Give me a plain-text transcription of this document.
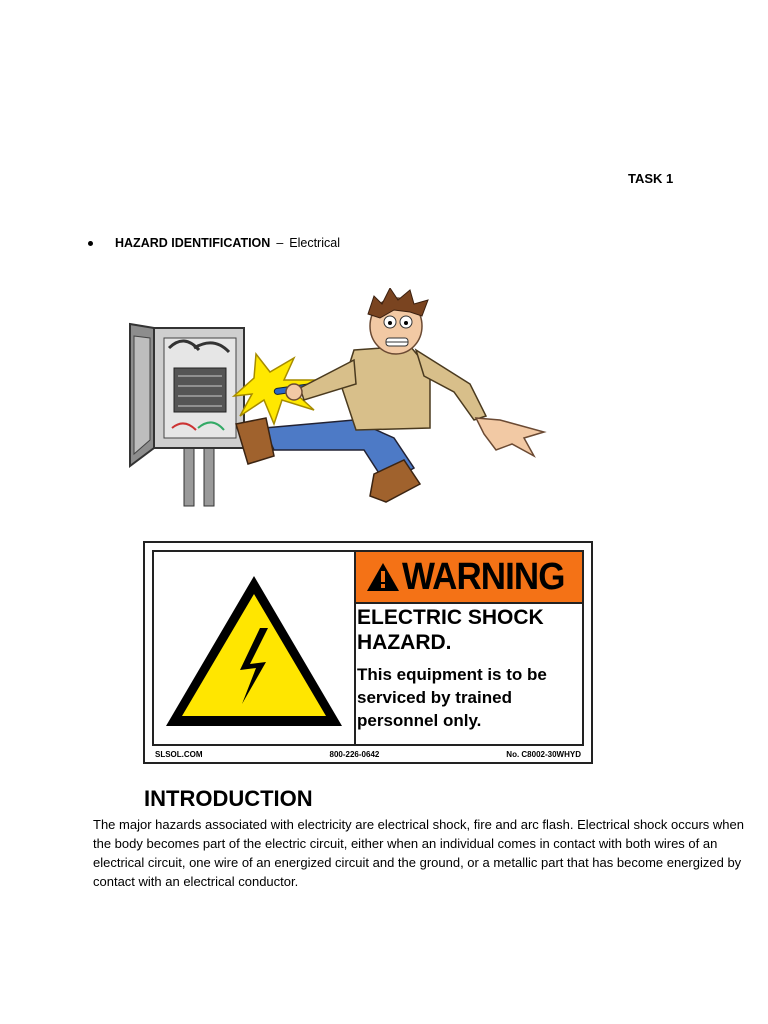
TASK 1
HAZARD IDENTIFICATION – Electrical
WARNING
ELECTRIC SHOCK
HAZARD.
This equipment is to be
serviced by trained
personnel only.
SLSOL.COM	800-226-0642	No. C8002-30WHYD
INTRODUCTION
The major hazards associated with electricity are electrical shock, fire and arc flash. Electrical shock occurs when the body becomes part of the electric circuit, either when an individual comes in contact with both wires of an electrical circuit, one wire of an energized circuit and the ground, or a metallic part that has become energized by contact with an electrical conductor.
